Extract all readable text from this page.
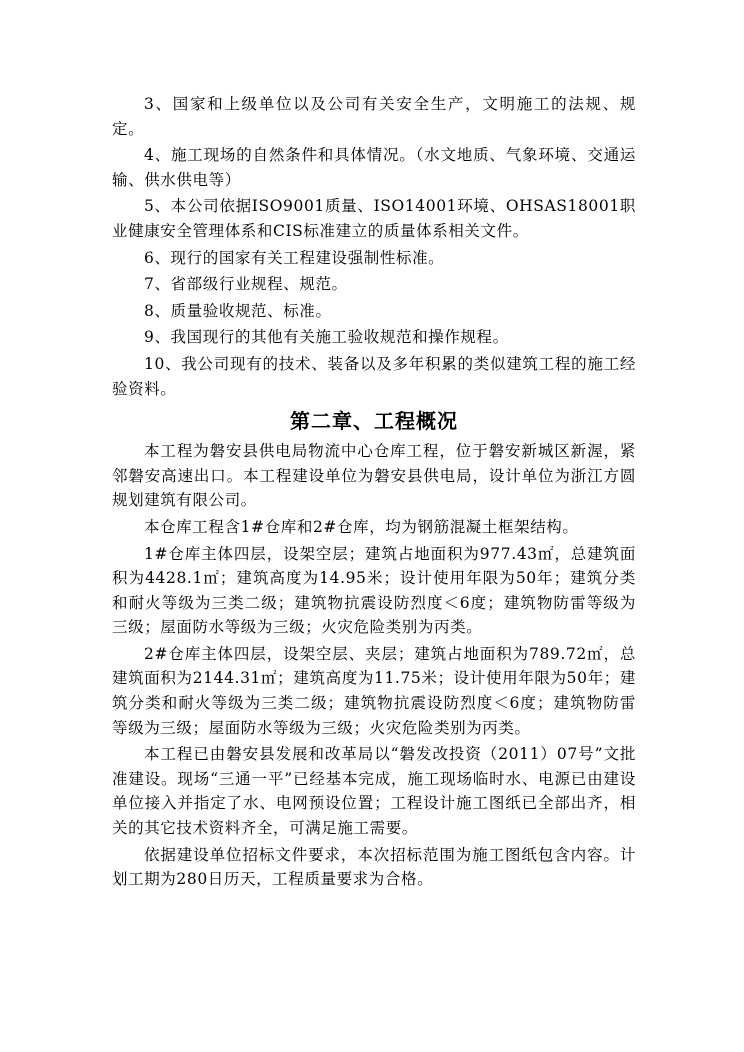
3、国家和上级单位以及公司有关安全生产，文明施工的法规、规定。

4、施工现场的自然条件和具体情况。（水文地质、气象环境、交通运输、供水供电等）

5、本公司依据ISO9001质量、ISO14001环境、OHSAS18001职业健康安全管理体系和CIS标准建立的质量体系相关文件。

6、现行的国家有关工程建设强制性标准。

7、省部级行业规程、规范。

8、质量验收规范、标准。

9、我国现行的其他有关施工验收规范和操作规程。

10、我公司现有的技术、装备以及多年积累的类似建筑工程的施工经验资料。

第二章、工程概况

本工程为磐安县供电局物流中心仓库工程，位于磐安新城区新渥，紧邻磐安高速出口。本工程建设单位为磐安县供电局，设计单位为浙江方圆规划建筑有限公司。

本仓库工程含1#仓库和2#仓库，均为钢筋混凝土框架结构。

1#仓库主体四层，设架空层；建筑占地面积为977.43㎡，总建筑面积为4428.1㎡；建筑高度为14.95米；设计使用年限为50年；建筑分类和耐火等级为三类二级；建筑物抗震设防烈度＜6度；建筑物防雷等级为三级；屋面防水等级为三级；火灾危险类别为丙类。

2#仓库主体四层，设架空层、夹层；建筑占地面积为789.72㎡，总建筑面积为2144.31㎡；建筑高度为11.75米；设计使用年限为50年；建筑分类和耐火等级为三类二级；建筑物抗震设防烈度＜6度；建筑物防雷等级为三级；屋面防水等级为三级；火灾危险类别为丙类。

本工程已由磐安县发展和改革局以“磐发改投资（2011）07号”文批准建设。现场“三通一平”已经基本完成，施工现场临时水、电源已由建设单位接入并指定了水、电网预设位置；工程设计施工图纸已全部出齐，相关的其它技术资料齐全，可满足施工需要。

依据建设单位招标文件要求，本次招标范围为施工图纸包含内容。计划工期为280日历天，工程质量要求为合格。
